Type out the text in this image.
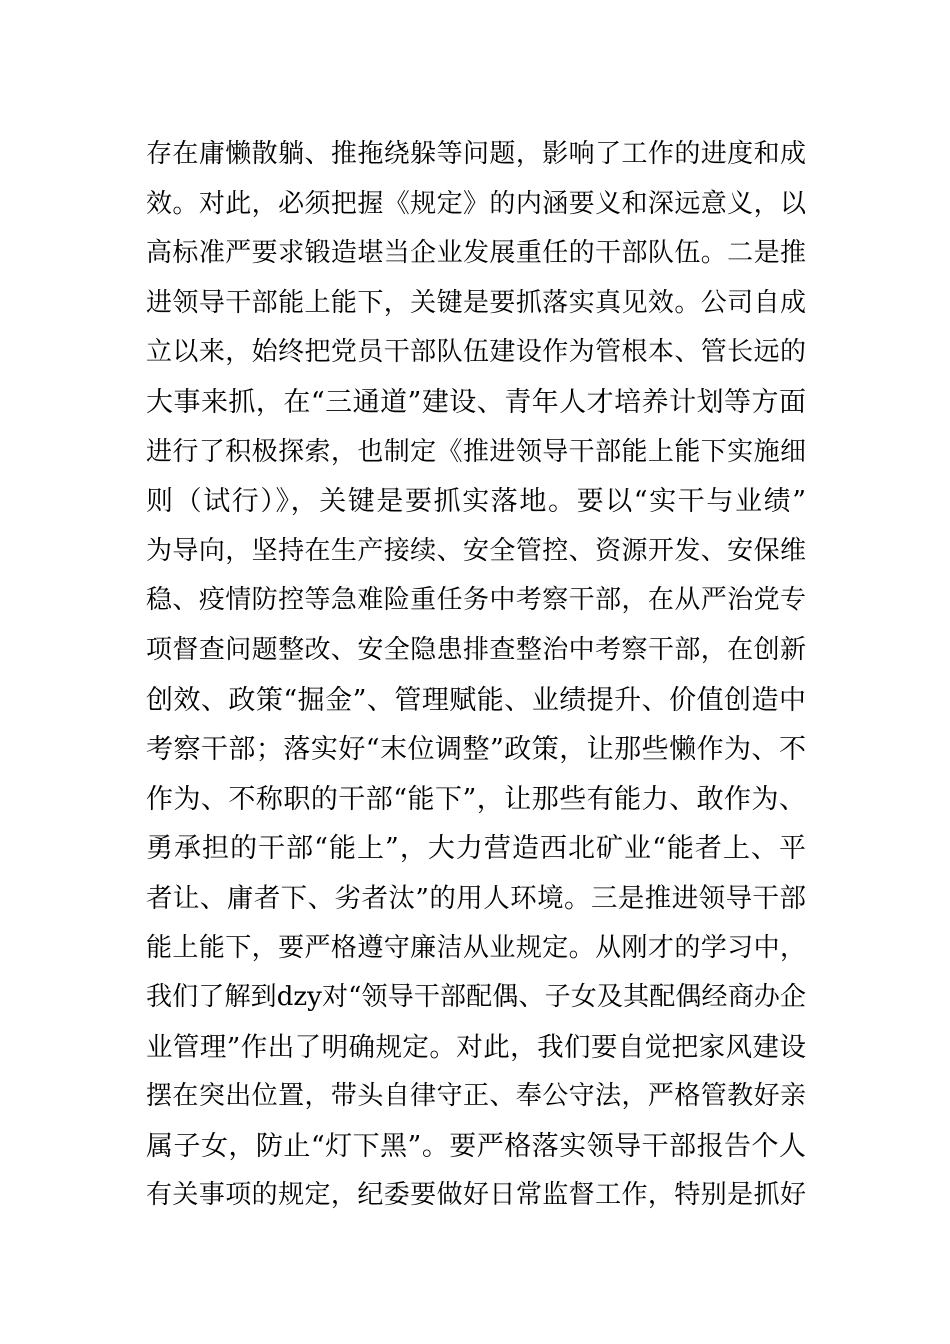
存在庸懒散躺、推拖绕躲等问题，影响了工作的进度和成
效。对此，必须把握《规定》的内涵要义和深远意义，以
高标准严要求锻造堪当企业发展重任的干部队伍。二是推
进领导干部能上能下，关键是要抓落实真见效。公司自成
立以来，始终把党员干部队伍建设作为管根本、管长远的
大事来抓，在“三通道”建设、青年人才培养计划等方面
进行了积极探索，也制定《推进领导干部能上能下实施细
则（试行）》，关键是要抓实落地。要以“实干与业绩”
为导向，坚持在生产接续、安全管控、资源开发、安保维
稳、疫情防控等急难险重任务中考察干部，在从严治党专
项督查问题整改、安全隐患排查整治中考察干部，在创新
创效、政策“掘金”、管理赋能、业绩提升、价值创造中
考察干部；落实好“末位调整”政策，让那些懒作为、不
作为、不称职的干部“能下”，让那些有能力、敢作为、
勇承担的干部“能上”，大力营造西北矿业“能者上、平
者让、庸者下、劣者汰”的用人环境。三是推进领导干部
能上能下，要严格遵守廉洁从业规定。从刚才的学习中，
我们了解到dzy对“领导干部配偶、子女及其配偶经商办企
业管理”作出了明确规定。对此，我们要自觉把家风建设
摆在突出位置，带头自律守正、奉公守法，严格管教好亲
属子女，防止“灯下黑”。要严格落实领导干部报告个人
有关事项的规定，纪委要做好日常监督工作，特别是抓好
